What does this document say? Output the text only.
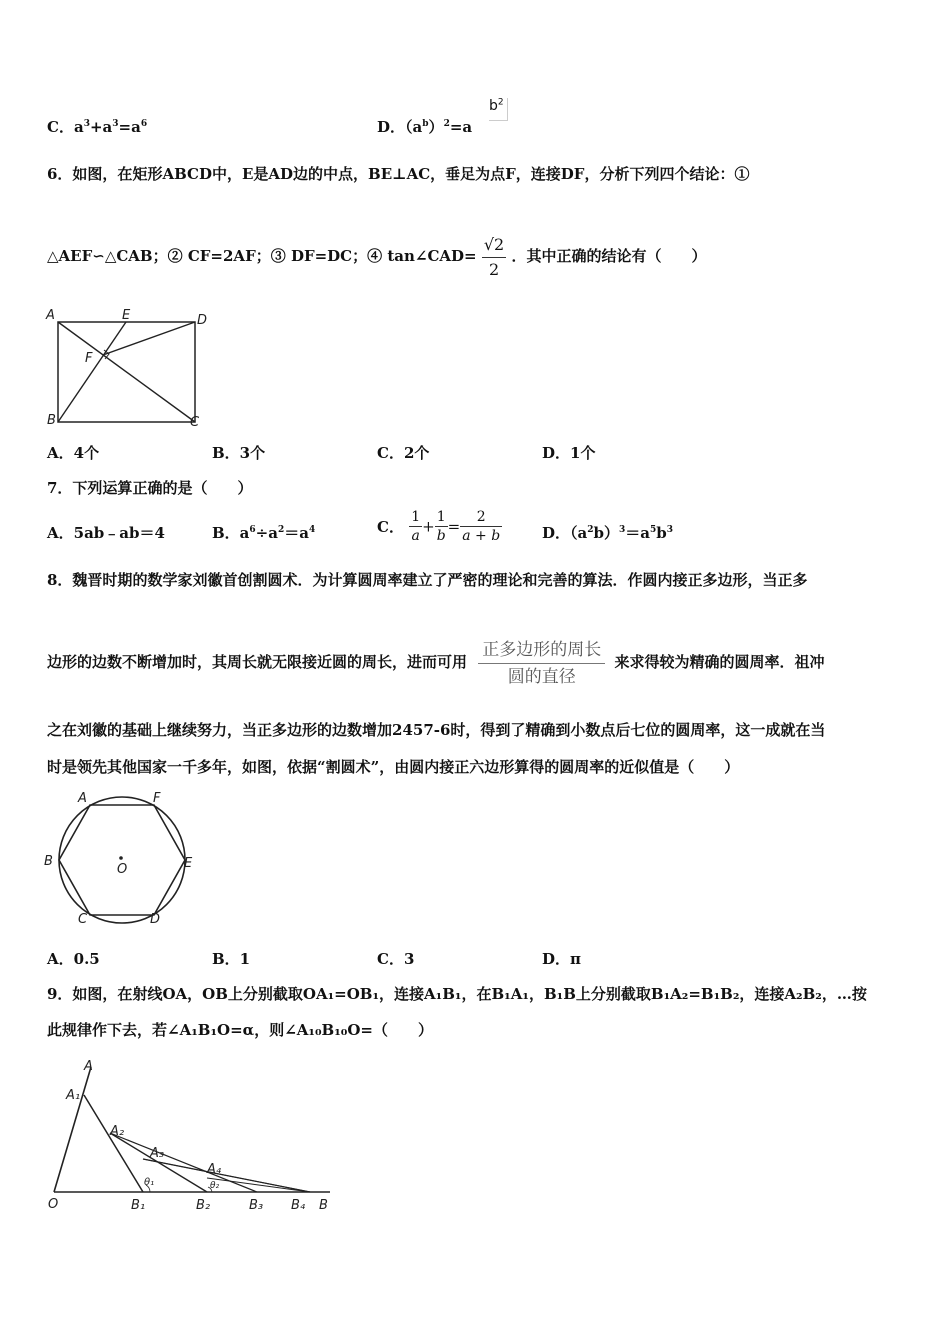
C．$a^3+a^3=a^6$	D．$(a^b)^2=a$
$b^2$
6．如图，在矩形ABCD中，E是AD边的中点，BE⊥AC，垂足为点F，连接DF，分析下列四个结论：①
△AEF∽△CAB；② CF=2AF；③ DF=DC；④ tan∠CAD= $\frac{√2}{2}$ ．其中正确的结论有（　　）
A	E	D
F
B	C
A．4个	B．3个	C．2个	D．1个
7．下列运算正确的是（　　）
A．5ab﹣ab＝4	B．$a^6\div a^2=a^4$	C． $\frac{1}{a} + \frac{1}{b} = \frac{2}{a + b}$	D．$(a^2b)^3=a^5b^3$
8．魏晋时期的数学家刘徽首创割圆术．为计算圆周率建立了严密的理论和完善的算法．作圆内接正多边形，当正多
边形的边数不断增加时，其周长就无限接近圆的周长，进而可用 $\frac{\text{正多边形的周长}}{\text{圆的直径}}$ 来求得较为精确的圆周率．祖冲
之在刘徽的基础上继续努力，当正多边形的边数增加2457-6时，得到了精确到小数点后七位的圆周率，这一成就在当
时是领先其他国家一千多年，如图，依据“割圆术”，由圆内接正六边形算得的圆周率的近似值是（　　）
A	F
B	E
C	D
O
A．0.5	B．1	C．3	D．π
9．如图，在射线OA，OB上分别截取OA₁=OB₁，连接A₁B₁，在B₁A₁，B₁B上分别截取B₁A₂=B₁B₂，连接A₂B₂，…按
此规律作下去，若∠A₁B₁O=α，则∠A₁₀B₁₀O=（　　）
A
A₁
A₂
A₃
A₄
O	B₁	B₂	B₃ B₄ B
θ₁	θ₂
